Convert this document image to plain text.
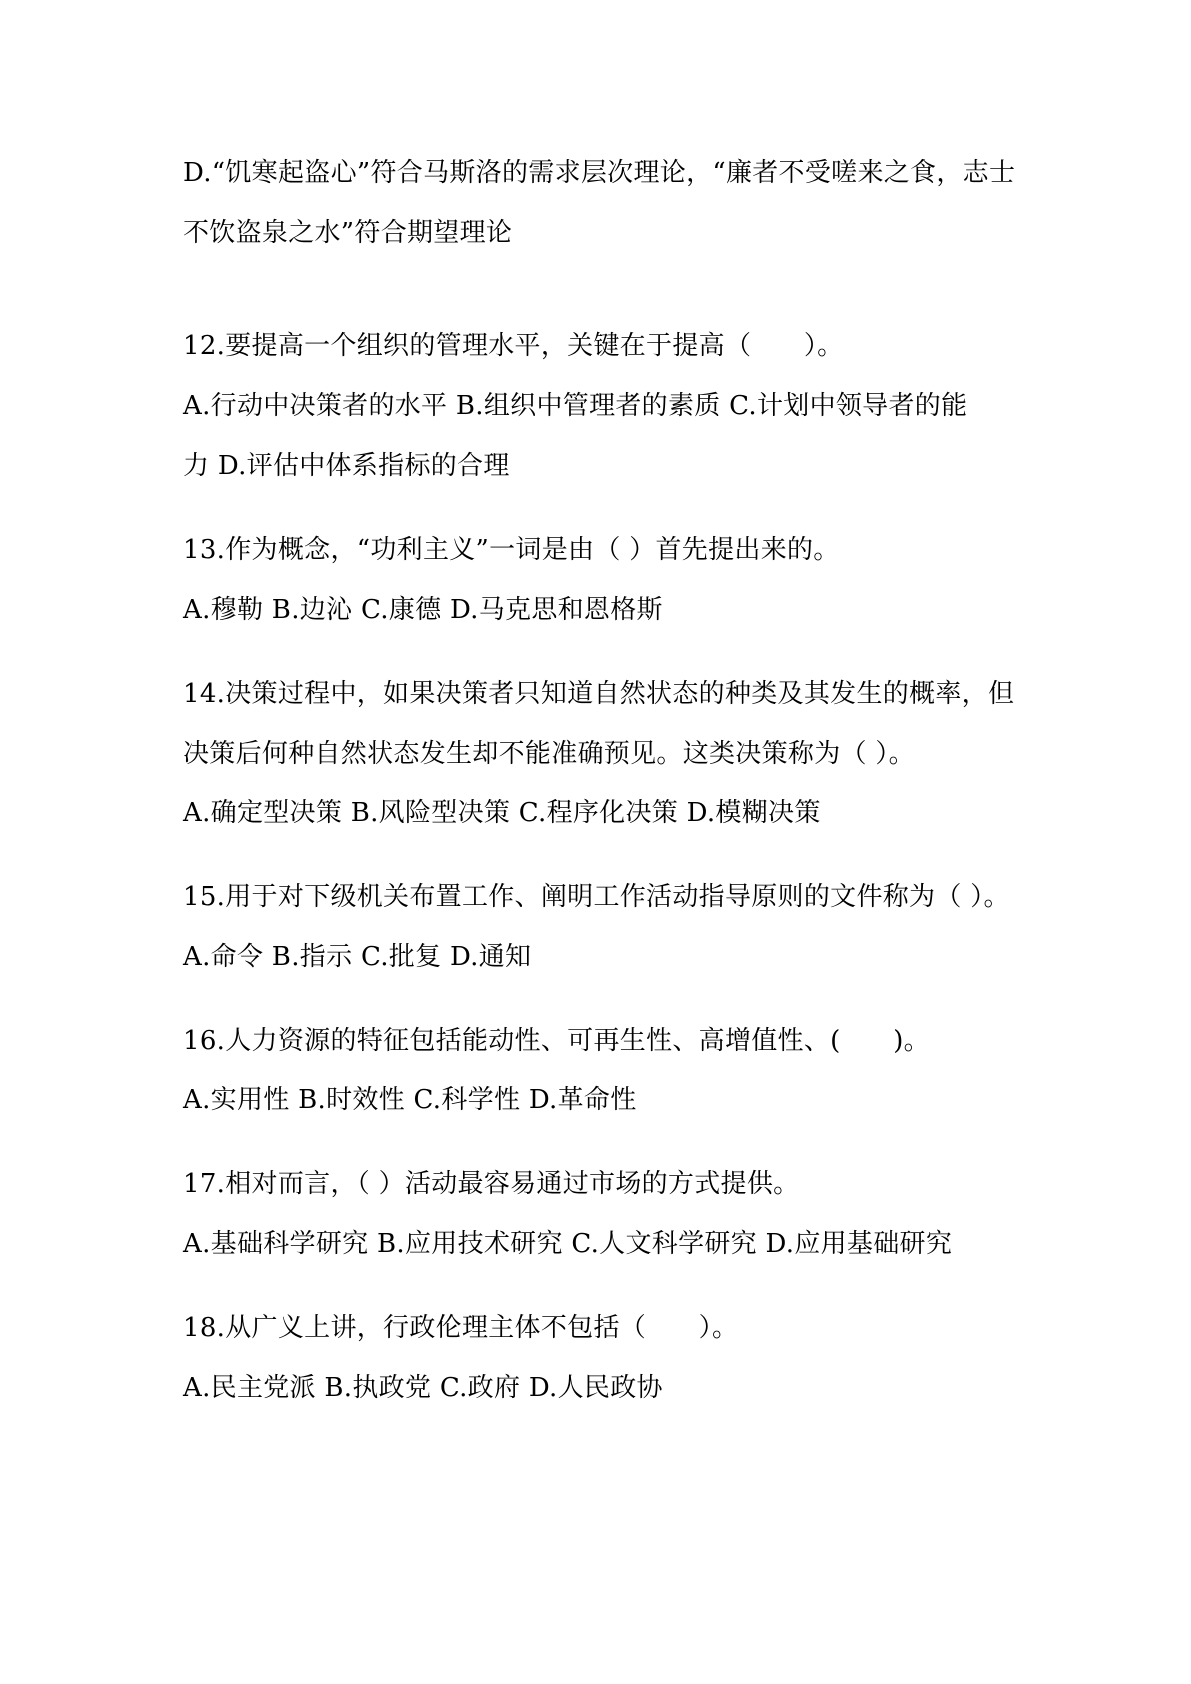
D.“饥寒起盗心”符合马斯洛的需求层次理论，“廉者不受嗟来之食，志士
不饮盗泉之水”符合期望理论
12.要提高一个组织的管理水平，关键在于提高（　　）。
A.行动中决策者的水平 B.组织中管理者的素质 C.计划中领导者的能
力 D.评估中体系指标的合理
13.作为概念，“功利主义”一词是由（ ）首先提出来的。
A.穆勒 B.边沁 C.康德 D.马克思和恩格斯
14.决策过程中，如果决策者只知道自然状态的种类及其发生的概率，但
决策后何种自然状态发生却不能准确预见。这类决策称为（ ）。
A.确定型决策 B.风险型决策 C.程序化决策 D.模糊决策
15.用于对下级机关布置工作、阐明工作活动指导原则的文件称为（ ）。
A.命令 B.指示 C.批复 D.通知
16.人力资源的特征包括能动性、可再生性、高增值性、(　　)。
A.实用性 B.时效性 C.科学性 D.革命性
17.相对而言，（ ）活动最容易通过市场的方式提供。
A.基础科学研究 B.应用技术研究 C.人文科学研究 D.应用基础研究
18.从广义上讲，行政伦理主体不包括（　　）。
A.民主党派 B.执政党 C.政府 D.人民政协
